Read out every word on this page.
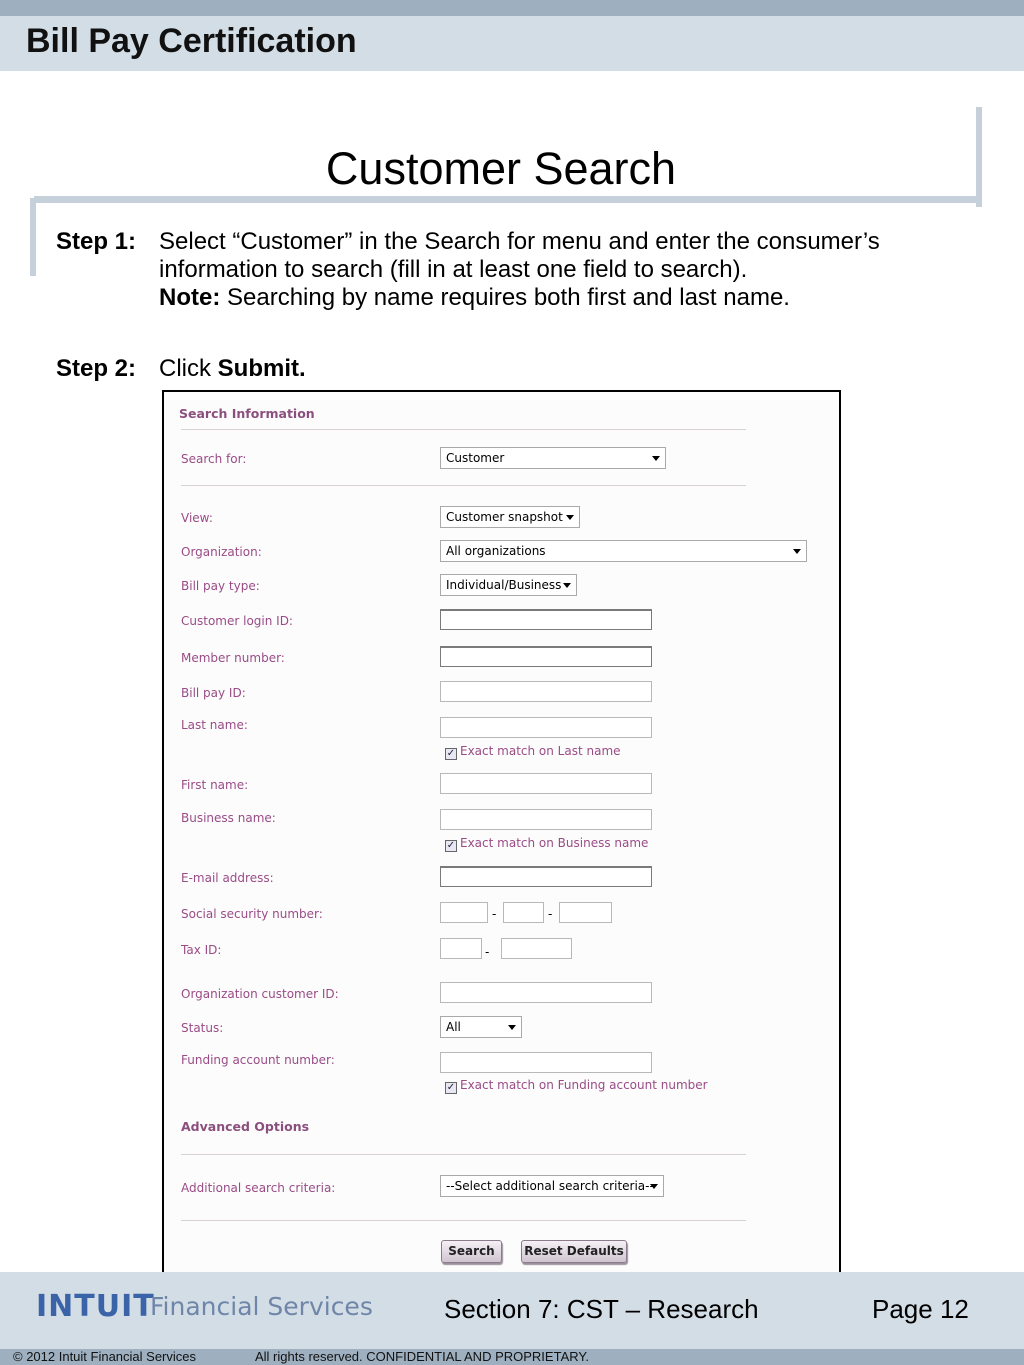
Bill Pay Certification
Customer Search
Step 1: Select “Customer” in the Search for menu and enter the consumer’s
information to search (fill in at least one field to search).
Note: Searching by name requires both first and last name.
Step 2: Click Submit.
Search Information
Search for:	Customer
View:	Customer snapshot
Organization:	All organizations
Bill pay type:	Individual/Business
Customer login ID:
Member number:
Bill pay ID:
Last name:
✓ Exact match on Last name
First name:
Business name:
✓ Exact match on Business name
E-mail address:
Social security number:	-	-
Tax ID:	-
Organization customer ID:
Status:	All
Funding account number:
✓ Exact match on Funding account number
Advanced Options
Additional search criteria:	--Select additional search criteria--
Search	Reset Defaults
INTUIT
Financial Services	Section 7: CST – Research	Page 12
© 2012 Intuit Financial Services	All rights reserved. CONFIDENTIAL AND PROPRIETARY.
